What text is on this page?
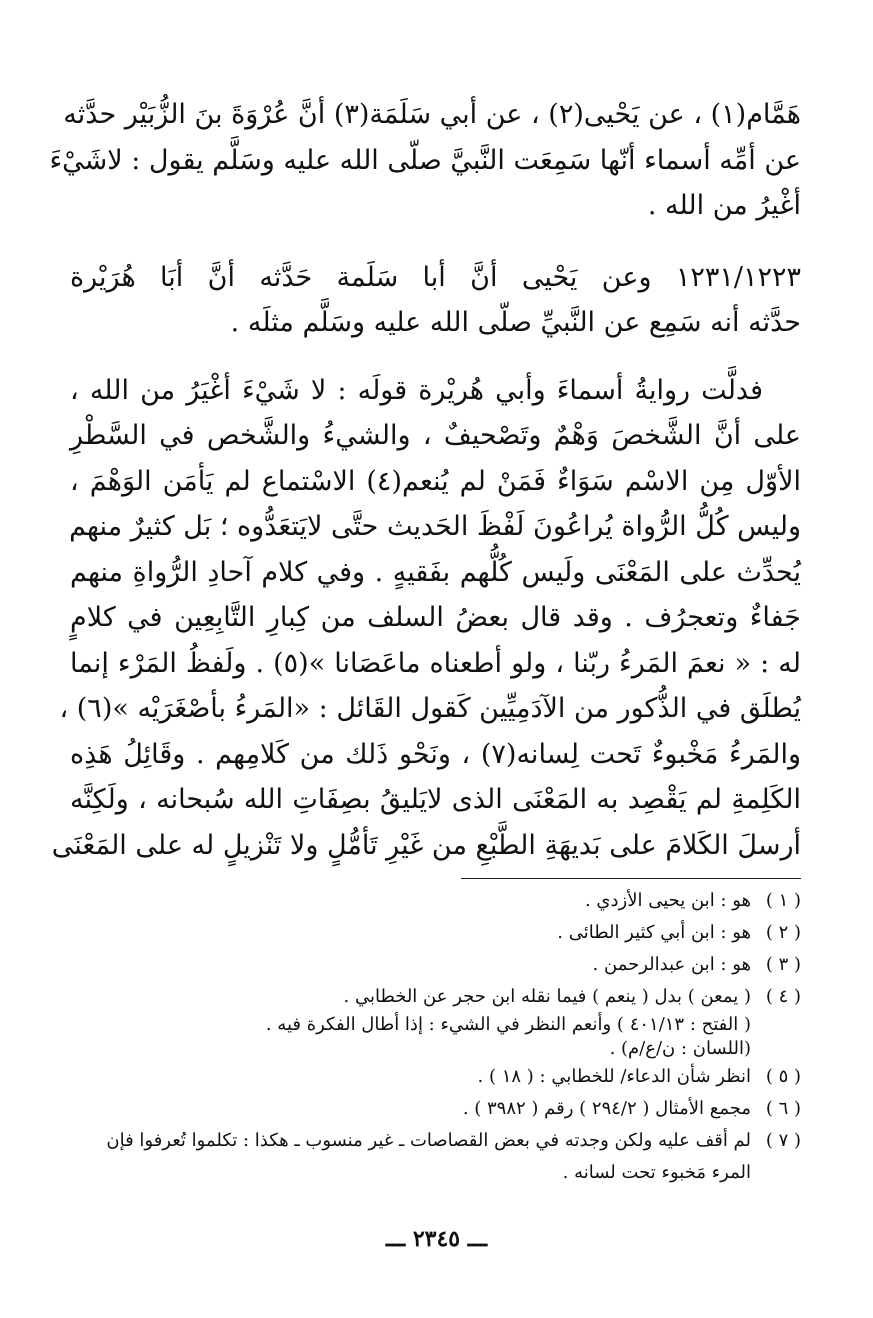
هَمَّام(١) ، عن يَحْيى(٢) ، عن أبي سَلَمَة(٣) أنَّ عُرْوَةَ بنَ الزُّبَيْر حدَّثه
عن أمِّه أسماء أنّها سَمِعَت النَّبيَّ صلّى الله عليه وسَلَّم يقول : لاشَيْءَ
أغْيرُ من الله .
١٢٣١/١٢٢٣ وعن يَحْيى أنَّ أبا سَلَمة حَدَّثه أنَّ أبَا هُرَيْرة
حدَّثه أنه سَمِع عن النَّبيِّ صلّى الله عليه وسَلَّم مثلَه .
فدلَّت روايةُ أسماءَ وأبي هُريْرة قولَه : لا شَيْءَ أغْيَرُ من الله ،
على أنَّ الشَّخصَ وَهْمٌ وتَصْحيفٌ ، والشيءُ والشَّخص في السَّطْرِ
الأوّل مِن الاسْم سَوَاءٌ فَمَنْ لم يُنعم(٤) الاسْتماع لم يَأمَن الوَهْمَ ،
وليس كُلُّ الرُّواة يُراعُونَ لَفْظَ الحَديث حتَّى لايَتعَدُّوه ؛ بَل كثيرٌ منهم
يُحدِّث على المَعْنَى ولَيس كُلُّهم بفَقيهٍ . وفي كلام آحادِ الرُّواةِ منهم
جَفاءٌ وتعجرُف . وقد قال بعضُ السلف من كِبارِ التَّابِعِين في كلامٍ
له : « نعمَ المَرءُ ربّنا ، ولو أطعناه ماعَصَانا »(٥) . ولَفظُ المَرْء إنما
يُطلَق في الذُّكور من الآدَمِيِّين كَقول القَائل : «المَرءُ بأصْغَرَيْه »(٦) ،
والمَرءُ مَخْبوءٌ تَحت لِسانه(٧) ، ونَحْو ذَلك من كَلامِهم . وقَائِلُ هَذِه
الكَلِمةِ لم يَقْصِد به المَعْنَى الذى لايَليقُ بصِفَاتِ الله سُبحانه ، ولَكِنَّه
أرسلَ الكَلامَ على بَديهَةِ الطَّبْعِ من غَيْرِ تَأمُّلٍ ولا تَنْزيلٍ له على المَعْنَى
( ١ )
هو : ابن يحيى الأزدي .
( ٢ )
هو : ابن أبي كثير الطائى .
( ٣ )
هو : ابن عبدالرحمن .
( ٤ )
( يمعن ) بدل ( ينعم ) فيما نقله ابن حجر عن الخطابي .
( الفتح : ٤٠١/١٣ ) وأنعم النظر في الشيء : إذا أطال الفكرة فيه .
(اللسان : ن/ع/م) .
( ٥ )
انظر شأن الدعاء/ للخطابي : ( ١٨ ) .
( ٦ )
مجمع الأمثال ( ٢٩٤/٢ ) رقم ( ٣٩٨٢ ) .
( ٧ )
لم أقف عليه ولكن وجدته في بعض القصاصات ـ غير منسوب ـ هكذا : تكلموا تُعرفوا فإن
المرء مَخبوء تحت لسانه .
ـــ ٢٣٤٥ ـــ
